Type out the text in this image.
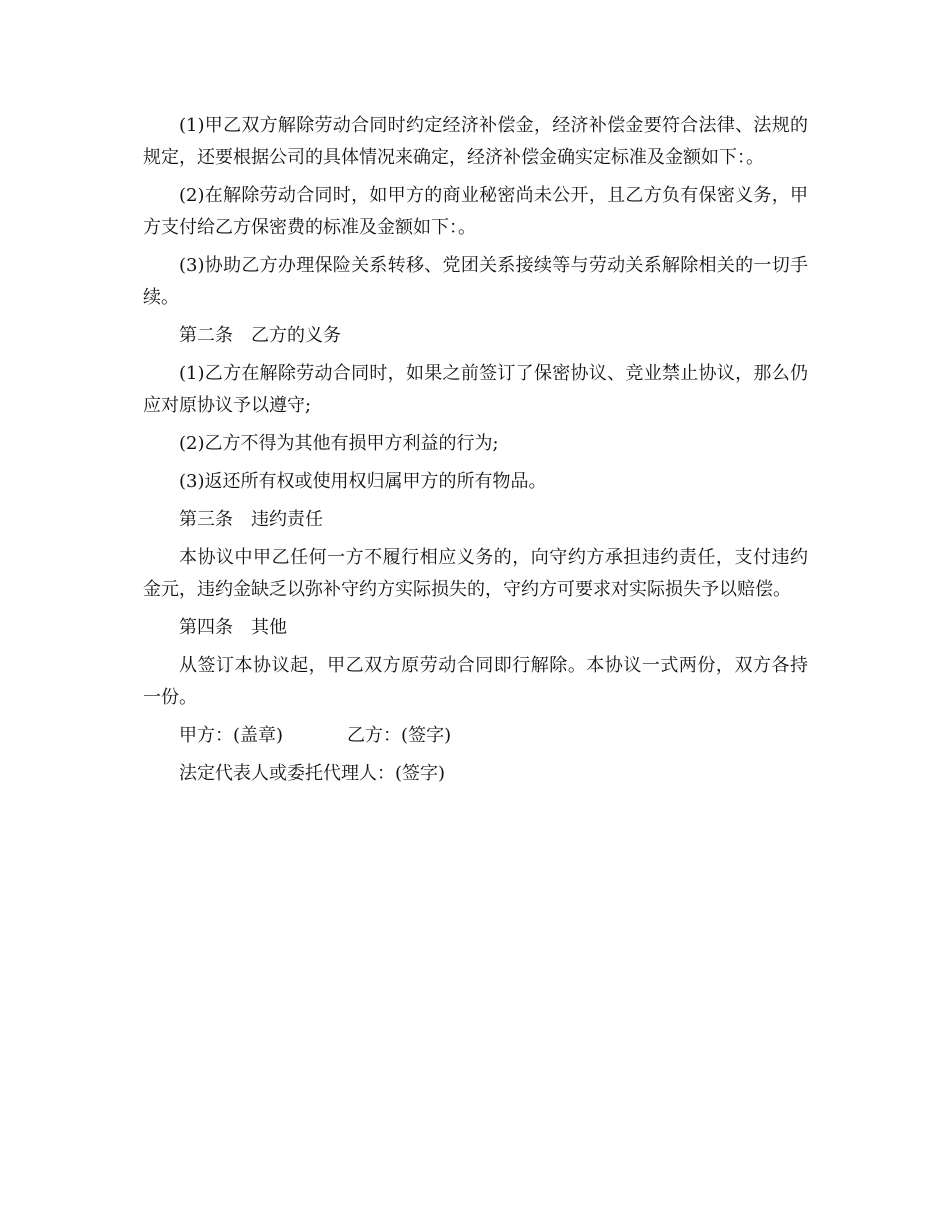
(1)甲乙双方解除劳动合同时约定经济补偿金，经济补偿金要符合法律、法规的规定，还要根据公司的具体情况来确定，经济补偿金确实定标准及金额如下：。

(2)在解除劳动合同时，如甲方的商业秘密尚未公开，且乙方负有保密义务，甲方支付给乙方保密费的标准及金额如下：。

(3)协助乙方办理保险关系转移、党团关系接续等与劳动关系解除相关的一切手续。

第二条　乙方的义务

(1)乙方在解除劳动合同时，如果之前签订了保密协议、竞业禁止协议，那么仍应对原协议予以遵守;

(2)乙方不得为其他有损甲方利益的行为;

(3)返还所有权或使用权归属甲方的所有物品。

第三条　违约责任

本协议中甲乙任何一方不履行相应义务的，向守约方承担违约责任，支付违约金元，违约金缺乏以弥补守约方实际损失的，守约方可要求对实际损失予以赔偿。

第四条　其他

从签订本协议起，甲乙双方原劳动合同即行解除。本协议一式两份，双方各持一份。

甲方：(盖章)	乙方：(签字)

法定代表人或委托代理人：(签字)
